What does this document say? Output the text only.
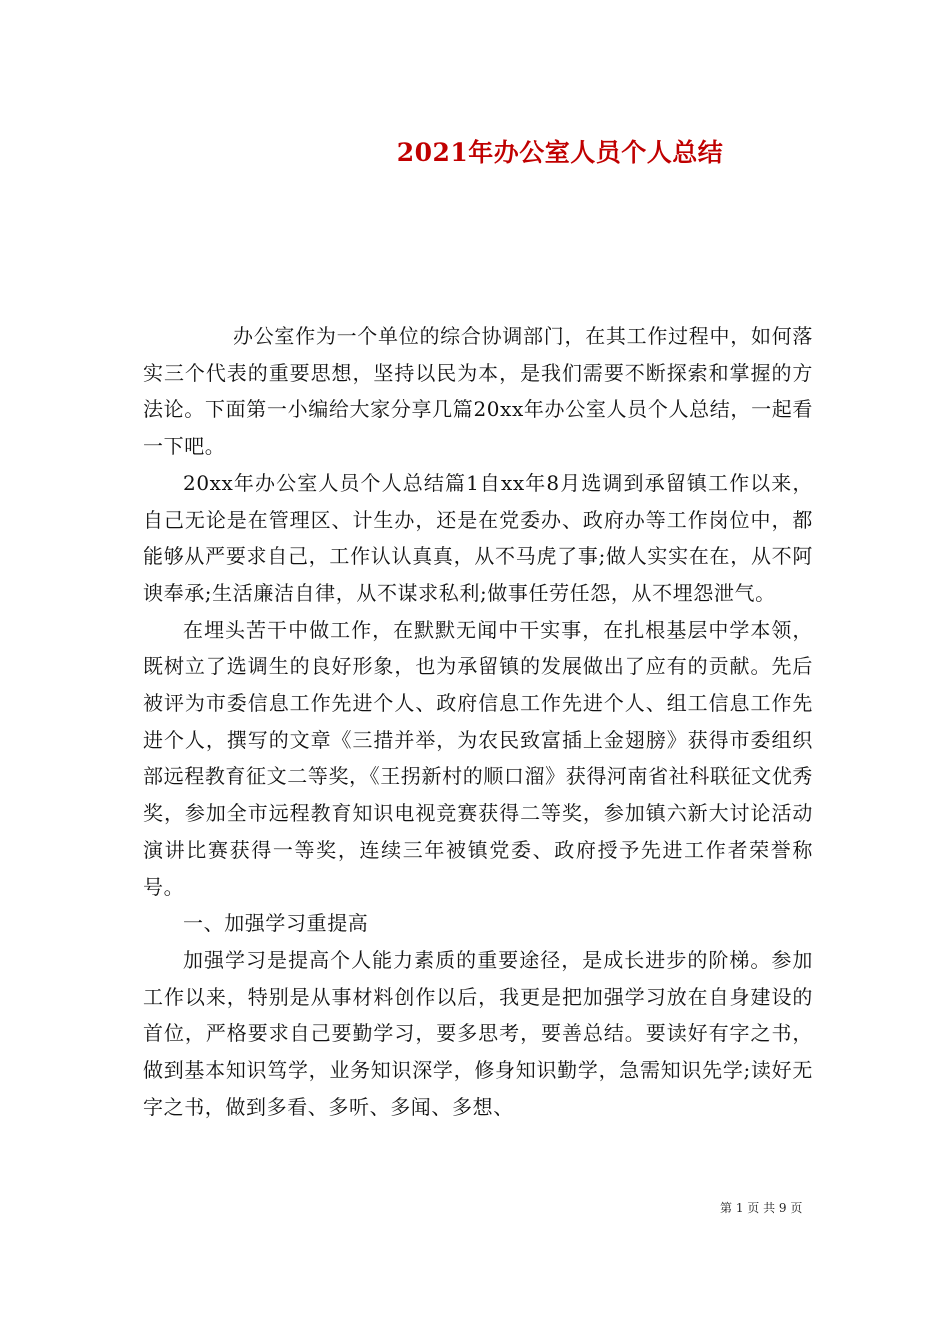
2021年办公室人员个人总结

办公室作为一个单位的综合协调部门，在其工作过程中，如何落实三个代表的重要思想，坚持以民为本，是我们需要不断探索和掌握的方法论。下面第一小编给大家分享几篇20xx年办公室人员个人总结，一起看一下吧。

20xx年办公室人员个人总结篇1自xx年8月选调到承留镇工作以来，自己无论是在管理区、计生办，还是在党委办、政府办等工作岗位中，都能够从严要求自己，工作认认真真，从不马虎了事;做人实实在在，从不阿谀奉承;生活廉洁自律，从不谋求私利;做事任劳任怨，从不埋怨泄气。

在埋头苦干中做工作，在默默无闻中干实事，在扎根基层中学本领，既树立了选调生的良好形象，也为承留镇的发展做出了应有的贡献。先后被评为市委信息工作先进个人、政府信息工作先进个人、组工信息工作先进个人，撰写的文章《三措并举，为农民致富插上金翅膀》获得市委组织部远程教育征文二等奖，《王拐新村的顺口溜》获得河南省社科联征文优秀奖，参加全市远程教育知识电视竞赛获得二等奖，参加镇六新大讨论活动演讲比赛获得一等奖，连续三年被镇党委、政府授予先进工作者荣誉称号。

一、加强学习重提高

加强学习是提高个人能力素质的重要途径，是成长进步的阶梯。参加工作以来，特别是从事材料创作以后，我更是把加强学习放在自身建设的首位，严格要求自己要勤学习，要多思考，要善总结。要读好有字之书，做到基本知识笃学，业务知识深学，修身知识勤学，急需知识先学;读好无字之书，做到多看、多听、多闻、多想、

第 1 页 共 9 页
